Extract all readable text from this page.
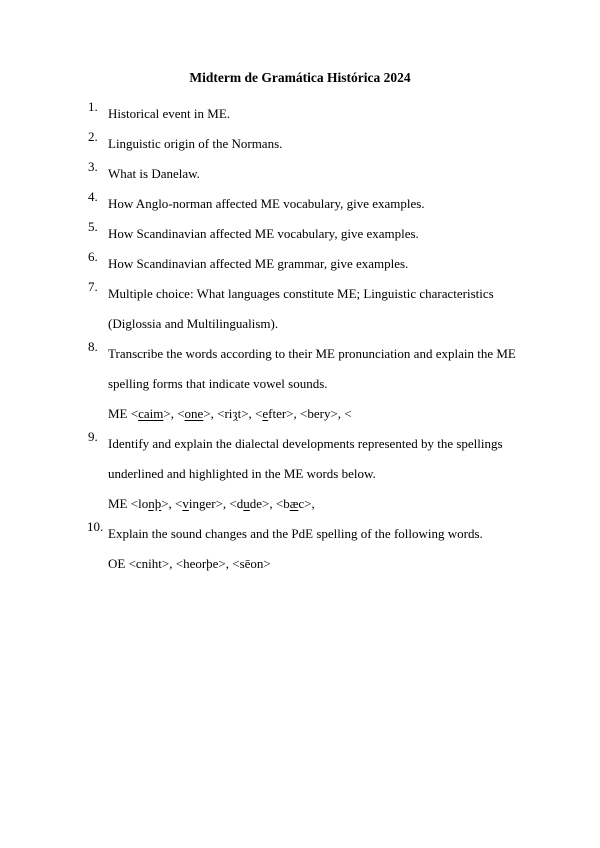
Midterm de Gramática Histórica 2024
1. Historical event in ME.
2. Linguistic origin of the Normans.
3. What is Danelaw.
4. How Anglo-norman affected ME vocabulary, give examples.
5. How Scandinavian affected ME vocabulary, give examples.
6. How Scandinavian affected ME grammar, give examples.
7. Multiple choice: What languages constitute ME; Linguistic characteristics
(Diglossia and Multilingualism).
8. Transcribe the words according to their ME pronunciation and explain the ME
spelling forms that indicate vowel sounds.
ME <caim>, <one>, <riȝt>, <efter>, <bery>, <
9. Identify and explain the dialectal developments represented by the spellings
underlined and highlighted in the ME words below.
ME <lonþ>, <vinger>, <dude>, <bæc>,
10. Explain the sound changes and the PdE spelling of the following words.
OE <cniht>, <heorþe>, <sēon>
